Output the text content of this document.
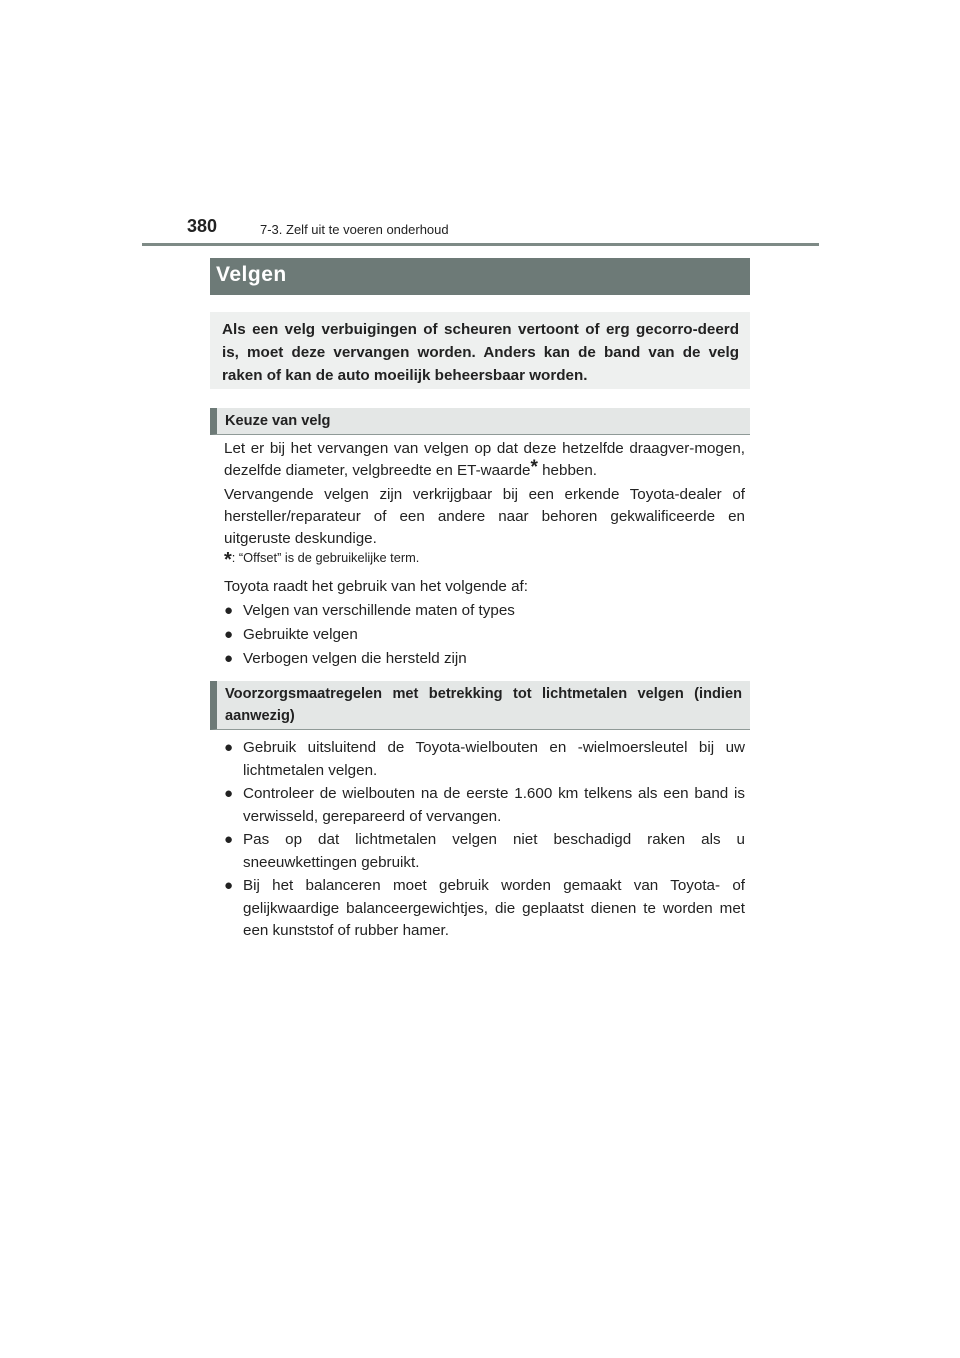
380	7-3. Zelf uit te voeren onderhoud
Velgen
Als een velg verbuigingen of scheuren vertoont of erg gecorro-deerd is, moet deze vervangen worden. Anders kan de band van de velg raken of kan de auto moeilijk beheersbaar worden.
Keuze van velg
Let er bij het vervangen van velgen op dat deze hetzelfde draagver-mogen, dezelfde diameter, velgbreedte en ET-waarde* hebben.
Vervangende velgen zijn verkrijgbaar bij een erkende Toyota-dealer of hersteller/reparateur of een andere naar behoren gekwalificeerde en uitgeruste deskundige.
*: “Offset” is de gebruikelijke term.
Toyota raadt het gebruik van het volgende af:
● Velgen van verschillende maten of types
● Gebruikte velgen
● Verbogen velgen die hersteld zijn
Voorzorgsmaatregelen met betrekking tot lichtmetalen velgen (indien aanwezig)
● Gebruik uitsluitend de Toyota-wielbouten en -wielmoersleutel bij uw lichtmetalen velgen.
● Controleer de wielbouten na de eerste 1.600 km telkens als een band is verwisseld, gerepareerd of vervangen.
● Pas op dat lichtmetalen velgen niet beschadigd raken als u sneeuwkettingen gebruikt.
● Bij het balanceren moet gebruik worden gemaakt van Toyota- of gelijkwaardige balanceergewichtjes, die geplaatst dienen te worden met een kunststof of rubber hamer.
